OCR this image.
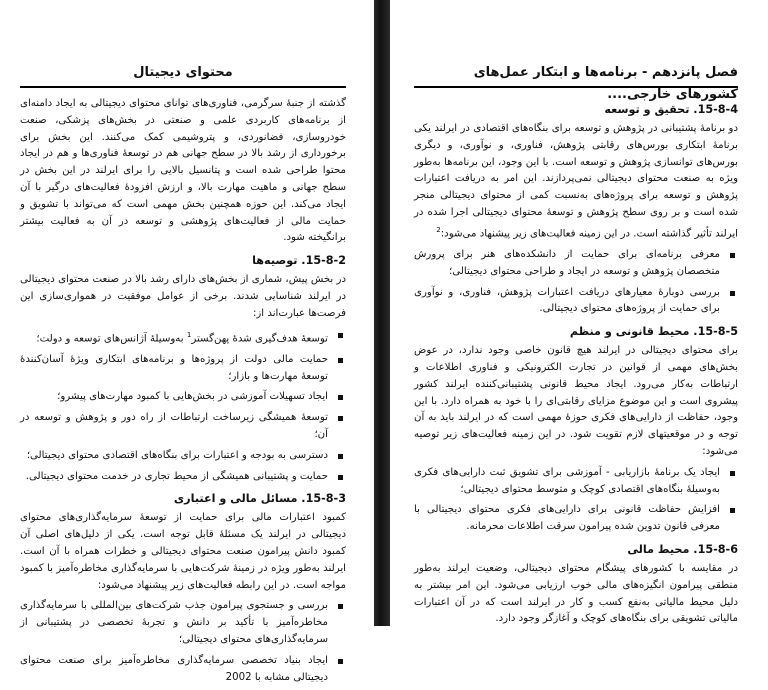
محتوای دیجیتال

گذشته از جنبهٔ سرگرمی، فناوری‌های توانای محتوای دیجیتالی به ایجاد دامنه‌ای از برنامه‌های کاربردی علمی و صنعتی در بخش‌های پزشکی، صنعت خودروسازی، فضانوردی، و پتروشیمی کمک می‌کنند. این بخش برای برخورداری از رشد بالا در سطح جهانی هم در توسعهٔ فناوری‌ها و هم در ایجاد محتوا طراحی شده است و پتانسیل بالایی را برای ایرلند در این بخش در سطح جهانی و ماهیت مهارت بالا، و ارزش افزودهٔ فعالیت‌های درگیر با آن ایجاد می‌کند. این حوزه همچنین بخش مهمی است که می‌تواند با تشویق و حمایت مالی از فعالیت‌های پژوهشی و توسعه در آن به فعالیت بیشتر برانگیخته شود.

15-8-2. توصیه‌ها

در بخش پیش، شماری از بخش‌های دارای رشد بالا در صنعت محتوای دیجیتالی در ایرلند شناسایی شدند. برخی از عوامل موفقیت در همواری‌سازی این فرصت‌ها عبارت‌اند از:

توسعهٔ هدف‌گیری شدهٔ پهن‌گستر$^1$ به‌وسیلهٔ آژانس‌های توسعه و دولت؛
حمایت مالی دولت از پروژه‌ها و برنامه‌های ابتکاری ویژهٔ آسان‌کنندهٔ توسعهٔ مهارت‌ها و بازار؛
ایجاد تسهیلات آموزشی در بخش‌هایی با کمبود مهارت‌های پیشرو؛
توسعهٔ همیشگی زیرساخت ارتباطات از راه دور و پژوهش و توسعه در آن؛
دسترسی به بودجه و اعتبارات برای بنگاه‌های اقتصادی محتوای دیجیتالی؛
حمایت و پشتیبانی همیشگی از محیط تجاری در خدمت محتوای دیجیتالی.
15-8-3. مسائل مالی و اعتباری

کمبود اعتبارات مالی برای حمایت از توسعهٔ سرمایه‌گذاری‌های محتوای دیجیتالی در ایرلند یک مسئلهٔ قابل توجه است. یکی از دلیل‌های اصلی آن کمبود دانش پیرامون صنعت محتوای دیجیتالی و خطرات همراه با آن است. ایرلند به‌طور ویژه در زمینهٔ شرکت‌هایی با سرمایه‌گذاری مخاطره‌آمیز با کمبود مواجه است. در این رابطه فعالیت‌های زیر پیشنهاد می‌شود:

بررسی و جستجوی پیرامون جذب شرکت‌های بین‌المللی با سرمایه‌گذاری مخاطره‌آمیز با تأکید بر دانش و تجربهٔ تخصصی در پشتیبانی از سرمایه‌گذاری‌های محتوای دیجیتالی؛
ایجاد بنیاد تخصصی سرمایه‌گذاری مخاطره‌آمیز برای صنعت محتوای دیجیتالی مشابه با 2002
فصل پانزدهم - برنامه‌ها و ابتکار عمل‌های کشورهای خارجی....
15-8-4. تحقیق و توسعه

دو برنامهٔ پشتیبانی در پژوهش و توسعه برای بنگاه‌های اقتصادی در ایرلند یکی برنامهٔ ابتکاری بورس‌های رقابتی پژوهش، فناوری، و نوآوری، و دیگری بورس‌های توانسازی پژوهش و توسعه است. با این وجود، این برنامه‌ها به‌طور ویژه به صنعت محتوای دیجیتالی نمی‌پردازند. این امر به دریافت اعتبارات پژوهش و توسعه برای پروژه‌های به‌نسبت کمی از محتوای دیجیتالی منجر شده است و بر روی سطح پژوهش و توسعهٔ محتوای دیجیتالی اجرا شده در ایرلند تأثیر گذاشته است. در این زمینه فعالیت‌های زیر پیشنهاد می‌شود:$^2$

معرفی برنامه‌ای برای حمایت از دانشکده‌های هنر برای پرورش متخصصان پژوهش و توسعه در ایجاد و طراحی محتوای دیجیتالی؛
بررسی دوبارهٔ معیارهای دریافت اعتبارات پژوهش، فناوری، و نوآوری برای حمایت از پروژه‌های محتوای دیجیتالی.
15-8-5. محیط قانونی و منظم

برای محتوای دیجیتالی در ایرلند هیچ قانون خاصی وجود ندارد، در عوض بخش‌های مهمی از قوانین در تجارت الکترونیکی و فناوری اطلاعات و ارتباطات به‌کار می‌رود. ایجاد محیط قانونی پشتیبانی‌کننده ایرلند کشور پیشروی است و این موضوع مزایای رقابتی‌ای را با خود به همراه دارد. با این وجود، حفاظت از دارایی‌های فکری حوزهٔ مهمی است که در ایرلند باید به آن توجه و در موقعیتهای لازم تقویت شود. در این زمینه فعالیت‌های زیر توصیه می‌شود:

ایجاد یک برنامهٔ بازاریابی - آموزشی برای تشویق ثبت دارایی‌های فکری به‌وسیلهٔ بنگاه‌های اقتصادی کوچک و متوسط محتوای دیجیتالی؛
افزایش حفاظت قانونی برای دارایی‌های فکری محتوای دیجیتالی با معرفی قانون تدوین شده پیرامون سرقت اطلاعات محرمانه.
15-8-6. محیط مالی

در مقایسه با کشورهای پیشگام محتوای دیجیتالی، وضعیت ایرلند به‌طور منطقی پیرامون انگیزه‌های مالی خوب ارزیابی می‌شود. این امر بیشتر به دلیل محیط مالیاتی به‌نفع کسب و کار در ایرلند است که در آن اعتبارات مالیاتی تشویقی برای بنگاه‌های کوچک و آغازگر وجود دارد.
